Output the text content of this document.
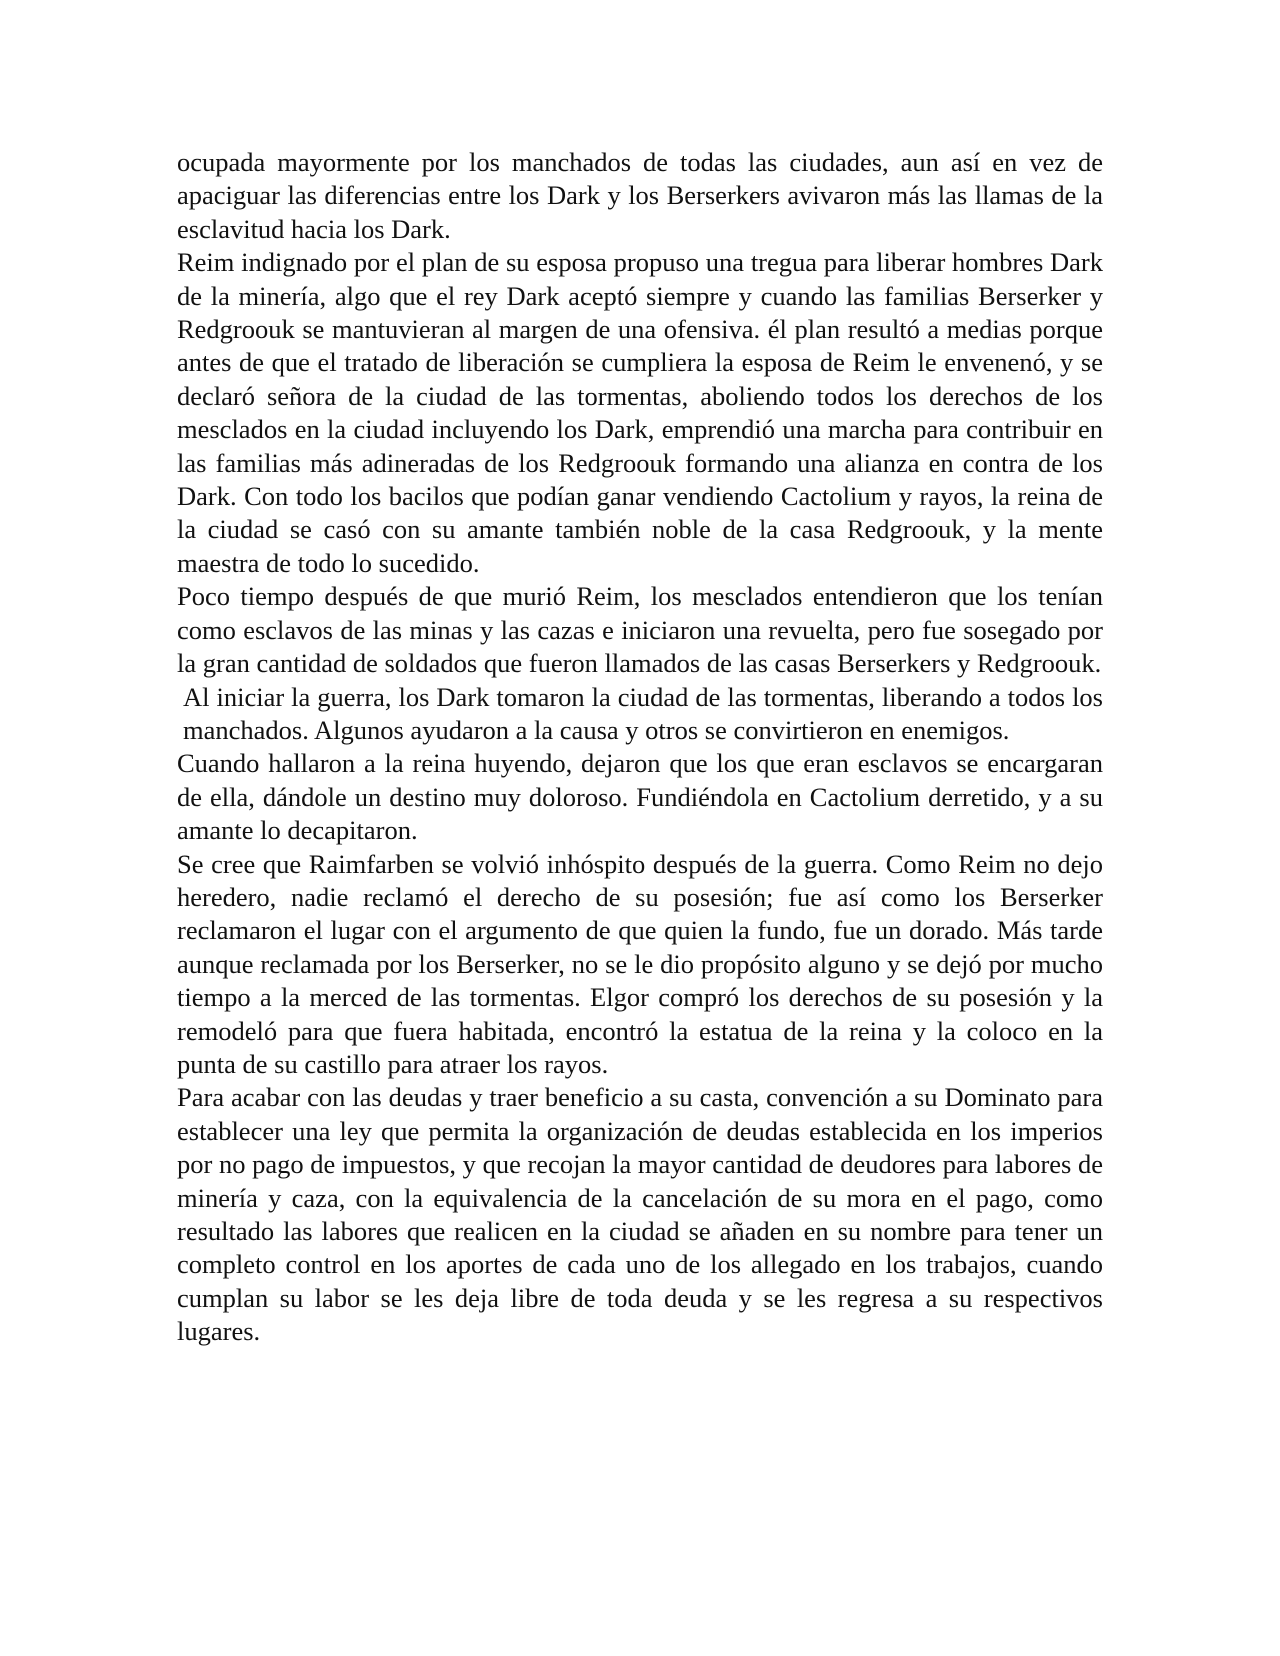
ocupada mayormente por los manchados de todas las ciudades, aun así en vez de apaciguar las diferencias entre los Dark y los Berserkers avivaron más las llamas de la esclavitud hacia los Dark.

Reim indignado por el plan de su esposa propuso una tregua para liberar hombres Dark de la minería, algo que el rey Dark aceptó siempre y cuando las familias Berserker y Redgroouk se mantuvieran al margen de una ofensiva. él plan resultó a medias porque antes de que el tratado de liberación se cumpliera la esposa de Reim le envenenó, y se declaró señora de la ciudad de las tormentas, aboliendo todos los derechos de los mesclados en la ciudad incluyendo los Dark, emprendió una marcha para contribuir en las familias más adineradas de los Redgroouk formando una alianza en contra de los Dark. Con todo los bacilos que podían ganar vendiendo Cactolium y rayos, la reina de la ciudad se casó con su amante también noble de la casa Redgroouk, y la mente maestra de todo lo sucedido.

Poco tiempo después de que murió Reim, los mesclados entendieron que los tenían como esclavos de las minas y las cazas e iniciaron una revuelta, pero fue sosegado por la gran cantidad de soldados que fueron llamados de las casas Berserkers y Redgroouk.

Al iniciar la guerra, los Dark tomaron la ciudad de las tormentas, liberando a todos los manchados. Algunos ayudaron a la causa y otros se convirtieron en enemigos.

Cuando hallaron a la reina huyendo, dejaron que los que eran esclavos se encargaran de ella, dándole un destino muy doloroso. Fundiéndola en Cactolium derretido, y a su amante lo decapitaron.

Se cree que Raimfarben se volvió inhóspito después de la guerra. Como Reim no dejo heredero, nadie reclamó el derecho de su posesión; fue así como los Berserker reclamaron el lugar con el argumento de que quien la fundo, fue un dorado. Más tarde aunque reclamada por los Berserker, no se le dio propósito alguno y se dejó por mucho tiempo a la merced de las tormentas. Elgor compró los derechos de su posesión y la remodeló para que fuera habitada, encontró la estatua de la reina y la coloco en la punta de su castillo para atraer los rayos.

Para acabar con las deudas y traer beneficio a su casta, convención a su Dominato para establecer una ley que permita la organización de deudas establecida en los imperios por no pago de impuestos, y que recojan la mayor cantidad de deudores para labores de minería y caza, con la equivalencia de la cancelación de su mora en el pago, como resultado las labores que realicen en la ciudad se añaden en su nombre para tener un completo control en los aportes de cada uno de los allegado en los trabajos, cuando cumplan su labor se les deja libre de toda deuda y se les regresa a su respectivos lugares.
